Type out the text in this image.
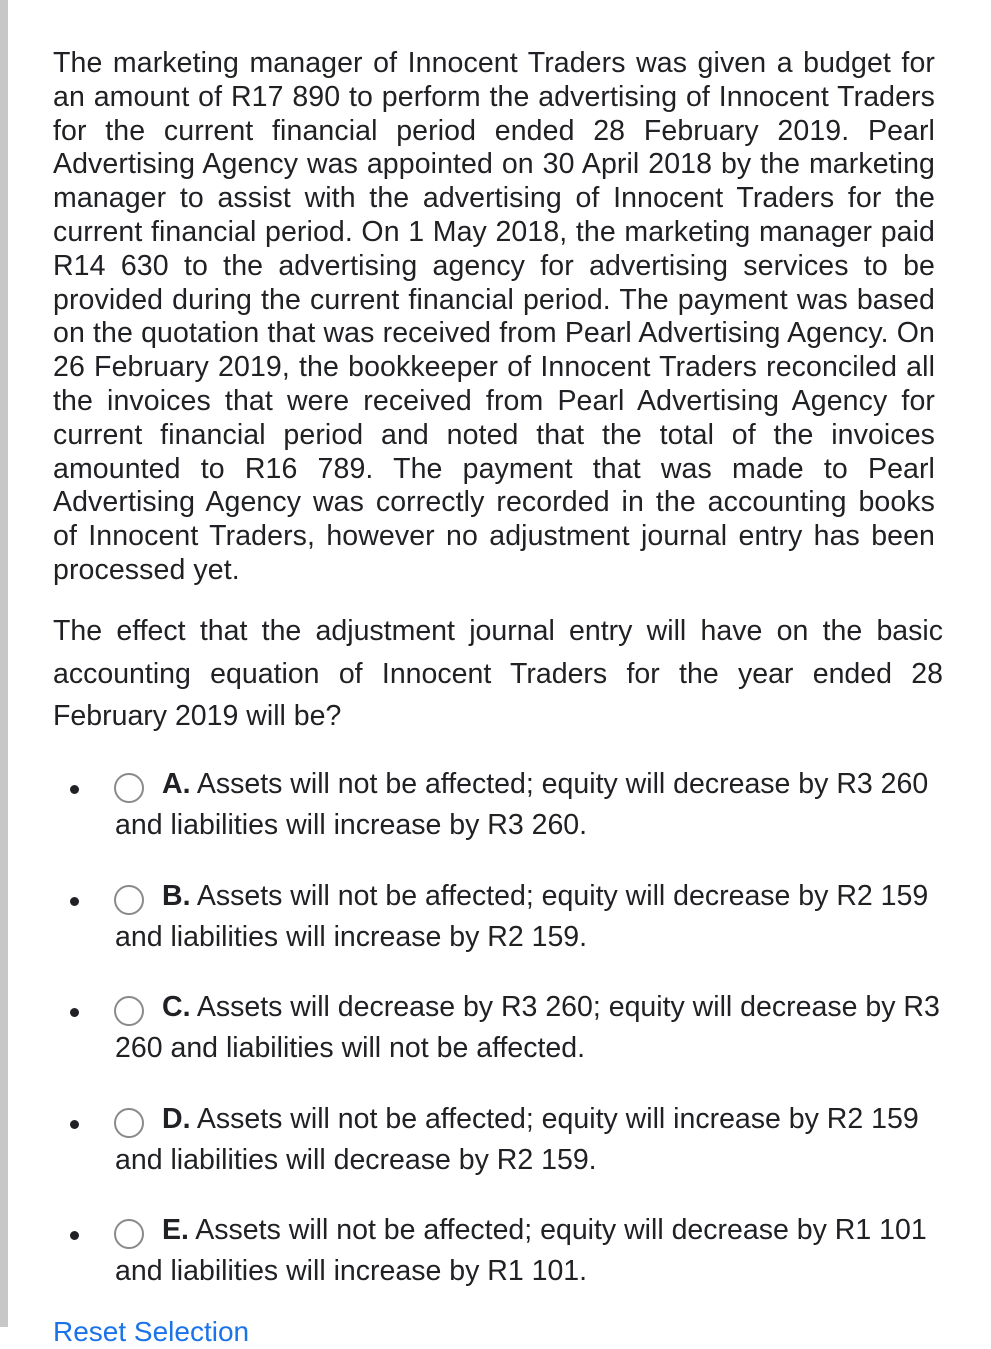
The marketing manager of Innocent Traders was given a budget for an amount of R17 890 to perform the advertising of Innocent Traders for the current financial period ended 28 February 2019. Pearl Advertising Agency was appointed on 30 April 2018 by the marketing manager to assist with the advertising of Innocent Traders for the current financial period. On 1 May 2018, the marketing manager paid R14 630 to the advertising agency for advertising services to be provided during the current financial period. The payment was based on the quotation that was received from Pearl Advertising Agency. On 26 February 2019, the bookkeeper of Innocent Traders reconciled all the invoices that were received from Pearl Advertising Agency for current financial period and noted that the total of the invoices amounted to R16 789. The payment that was made to Pearl Advertising Agency was correctly recorded in the accounting books of Innocent Traders, however no adjustment journal entry has been processed yet.

The effect that the adjustment journal entry will have on the basic accounting equation of Innocent Traders for the year ended 28 February 2019 will be?

A. Assets will not be affected; equity will decrease by R3 260 and liabilities will increase by R3 260.

B. Assets will not be affected; equity will decrease by R2 159 and liabilities will increase by R2 159.

C. Assets will decrease by R3 260; equity will decrease by R3 260 and liabilities will not be affected.

D. Assets will not be affected; equity will increase by R2 159 and liabilities will decrease by R2 159.

E. Assets will not be affected; equity will decrease by R1 101 and liabilities will increase by R1 101.

Reset Selection
